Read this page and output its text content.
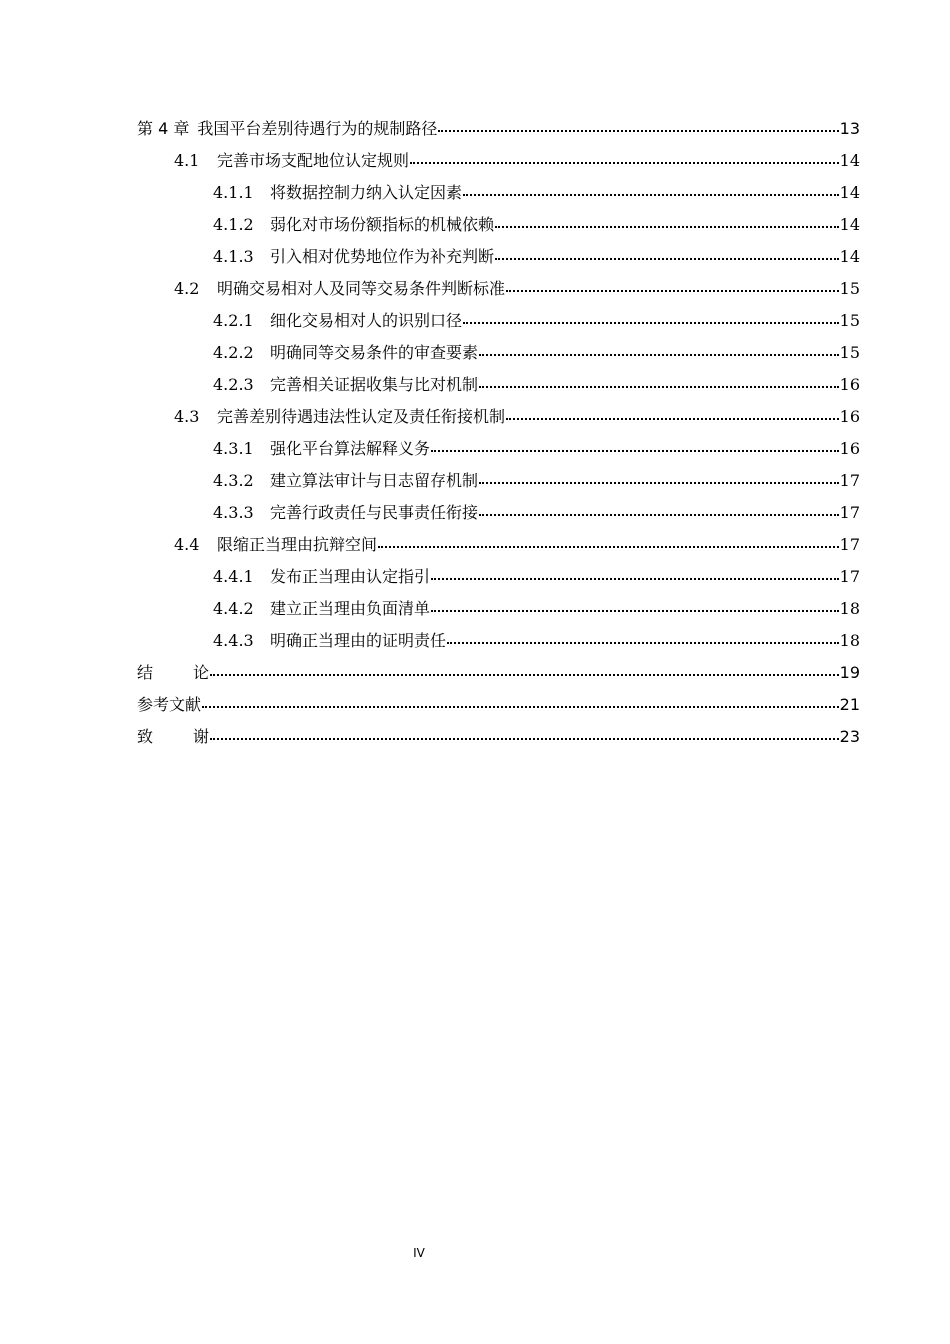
第 4 章 我国平台差别待遇行为的规制路径	13
4.1	完善市场支配地位认定规则	14
4.1.1	将数据控制力纳入认定因素	14
4.1.2	弱化对市场份额指标的机械依赖	14
4.1.3	引入相对优势地位作为补充判断	14
4.2	明确交易相对人及同等交易条件判断标准	15
4.2.1	细化交易相对人的识别口径	15
4.2.2	明确同等交易条件的审查要素	15
4.2.3	完善相关证据收集与比对机制	16
4.3	完善差别待遇违法性认定及责任衔接机制	16
4.3.1	强化平台算法解释义务	16
4.3.2	建立算法审计与日志留存机制	17
4.3.3	完善行政责任与民事责任衔接	17
4.4	限缩正当理由抗辩空间	17
4.4.1	发布正当理由认定指引	17
4.4.2	建立正当理由负面清单	18
4.4.3	明确正当理由的证明责任	18
结论	19
参考文献	21
致谢	23
IV
